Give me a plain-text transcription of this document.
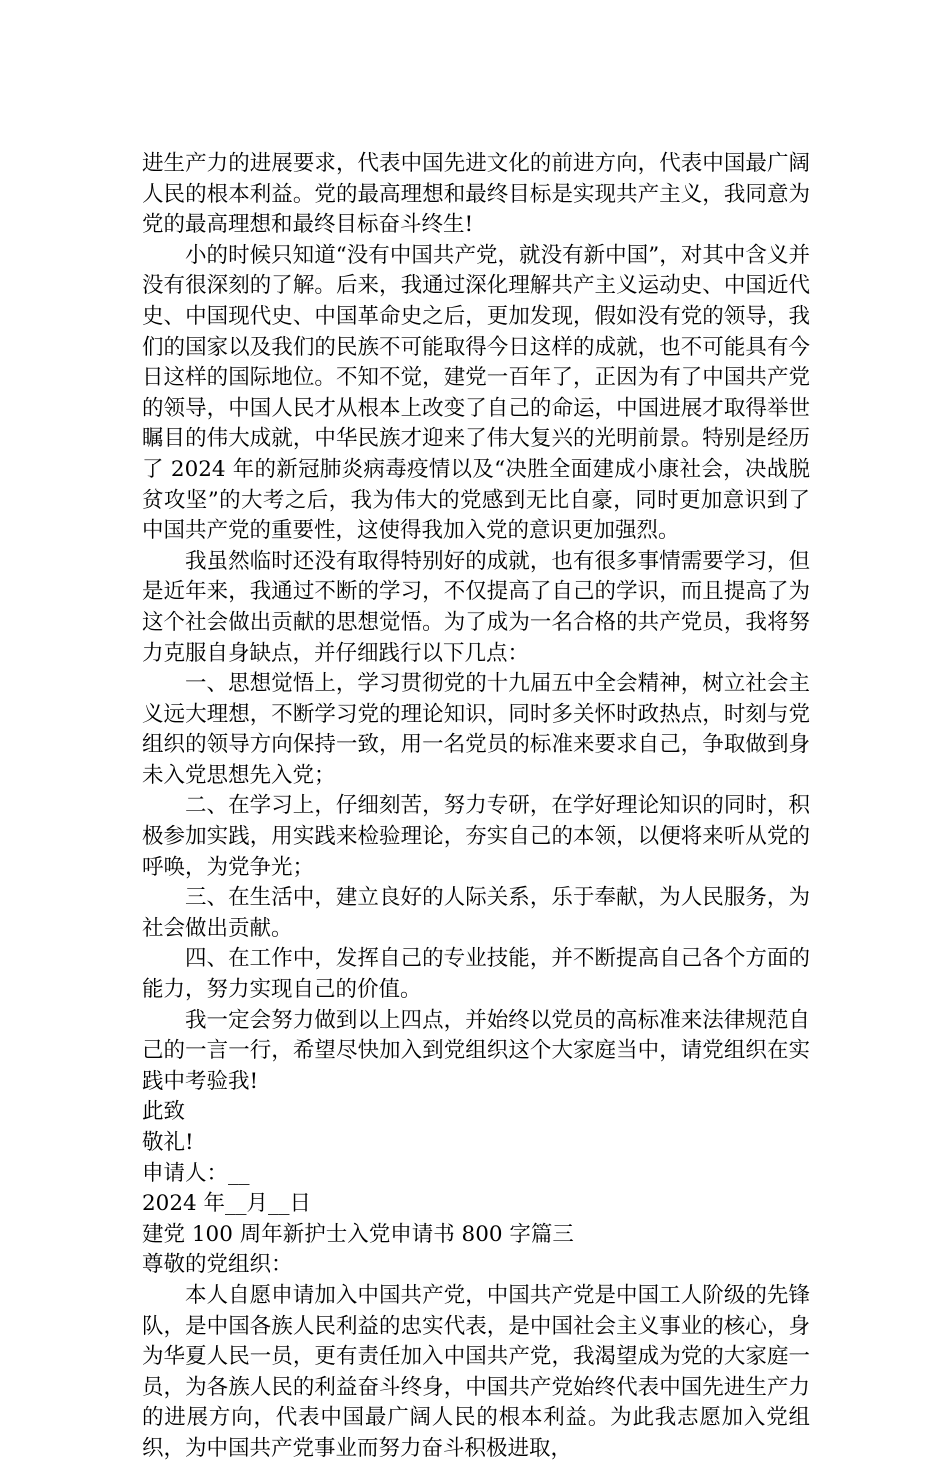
进生产力的进展要求，代表中国先进文化的前进方向，代表中国最广阔人民的根本利益。党的最高理想和最终目标是实现共产主义，我同意为党的最高理想和最终目标奋斗终生!

小的时候只知道“没有中国共产党，就没有新中国”，对其中含义并没有很深刻的了解。后来，我通过深化理解共产主义运动史、中国近代史、中国现代史、中国革命史之后，更加发现，假如没有党的领导，我们的国家以及我们的民族不可能取得今日这样的成就，也不可能具有今日这样的国际地位。不知不觉，建党一百年了，正因为有了中国共产党的领导，中国人民才从根本上改变了自己的命运，中国进展才取得举世瞩目的伟大成就，中华民族才迎来了伟大复兴的光明前景。特别是经历了 2024 年的新冠肺炎病毒疫情以及“决胜全面建成小康社会，决战脱贫攻坚”的大考之后，我为伟大的党感到无比自豪，同时更加意识到了中国共产党的重要性，这使得我加入党的意识更加强烈。

我虽然临时还没有取得特别好的成就，也有很多事情需要学习，但是近年来，我通过不断的学习，不仅提高了自己的学识，而且提高了为这个社会做出贡献的思想觉悟。为了成为一名合格的共产党员，我将努力克服自身缺点，并仔细践行以下几点：

一、思想觉悟上，学习贯彻党的十九届五中全会精神，树立社会主义远大理想，不断学习党的理论知识，同时多关怀时政热点，时刻与党组织的领导方向保持一致，用一名党员的标准来要求自己，争取做到身未入党思想先入党；

二、在学习上，仔细刻苦，努力专研，在学好理论知识的同时，积极参加实践，用实践来检验理论，夯实自己的本领，以便将来听从党的呼唤，为党争光；

三、在生活中，建立良好的人际关系，乐于奉献，为人民服务，为社会做出贡献。

四、在工作中，发挥自己的专业技能，并不断提高自己各个方面的能力，努力实现自己的价值。

我一定会努力做到以上四点，并始终以党员的高标准来法律规范自己的一言一行，希望尽快加入到党组织这个大家庭当中，请党组织在实践中考验我!

此致

敬礼!

申请人：__

2024 年__月__日

建党 100 周年新护士入党申请书 800 字篇三

尊敬的党组织：

本人自愿申请加入中国共产党，中国共产党是中国工人阶级的先锋队，是中国各族人民利益的忠实代表，是中国社会主义事业的核心，身为华夏人民一员，更有责任加入中国共产党，我渴望成为党的大家庭一员，为各族人民的利益奋斗终身，中国共产党始终代表中国先进生产力的进展方向，代表中国最广阔人民的根本利益。为此我志愿加入党组织，为中国共产党事业而努力奋斗积极进取，
